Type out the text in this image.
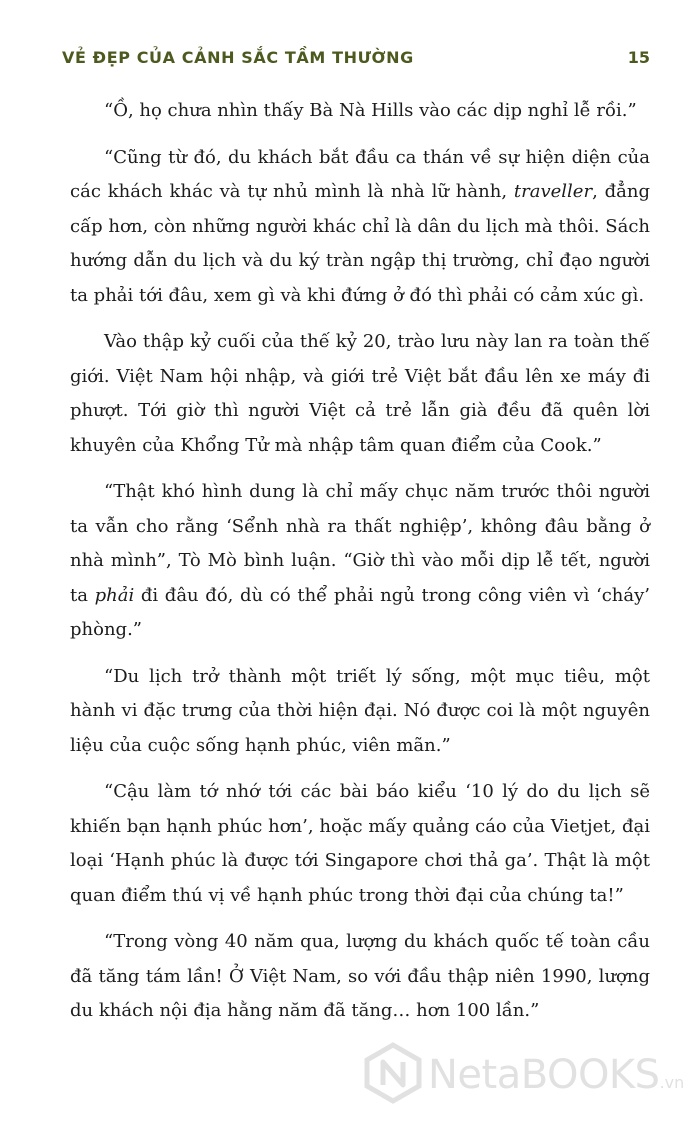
VẺ ĐẸP CỦA CẢNH SẮC TẦM THƯỜNG	15

“Ồ, họ chưa nhìn thấy Bà Nà Hills vào các dịp nghỉ lễ rồi.”

“Cũng từ đó, du khách bắt đầu ca thán về sự hiện diện của các khách khác và tự nhủ mình là nhà lữ hành, traveller, đẳng cấp hơn, còn những người khác chỉ là dân du lịch mà thôi. Sách hướng dẫn du lịch và du ký tràn ngập thị trường, chỉ đạo người ta phải tới đâu, xem gì và khi đứng ở đó thì phải có cảm xúc gì.

Vào thập kỷ cuối của thế kỷ 20, trào lưu này lan ra toàn thế giới. Việt Nam hội nhập, và giới trẻ Việt bắt đầu lên xe máy đi phượt. Tới giờ thì người Việt cả trẻ lẫn già đều đã quên lời khuyên của Khổng Tử mà nhập tâm quan điểm của Cook.”

“Thật khó hình dung là chỉ mấy chục năm trước thôi người ta vẫn cho rằng ‘Sểnh nhà ra thất nghiệp’, không đâu bằng ở nhà mình”, Tò Mò bình luận. “Giờ thì vào mỗi dịp lễ tết, người ta phải đi đâu đó, dù có thể phải ngủ trong công viên vì ‘cháy’ phòng.”

“Du lịch trở thành một triết lý sống, một mục tiêu, một hành vi đặc trưng của thời hiện đại. Nó được coi là một nguyên liệu của cuộc sống hạnh phúc, viên mãn.”

“Cậu làm tớ nhớ tới các bài báo kiểu ‘10 lý do du lịch sẽ khiến bạn hạnh phúc hơn’, hoặc mấy quảng cáo của Vietjet, đại loại ‘Hạnh phúc là được tới Singapore chơi thả ga’. Thật là một quan điểm thú vị về hạnh phúc trong thời đại của chúng ta!”

“Trong vòng 40 năm qua, lượng du khách quốc tế toàn cầu đã tăng tám lần! Ở Việt Nam, so với đầu thập niên 1990, lượng du khách nội địa hằng năm đã tăng… hơn 100 lần.”

NetaBOOKS.vn
